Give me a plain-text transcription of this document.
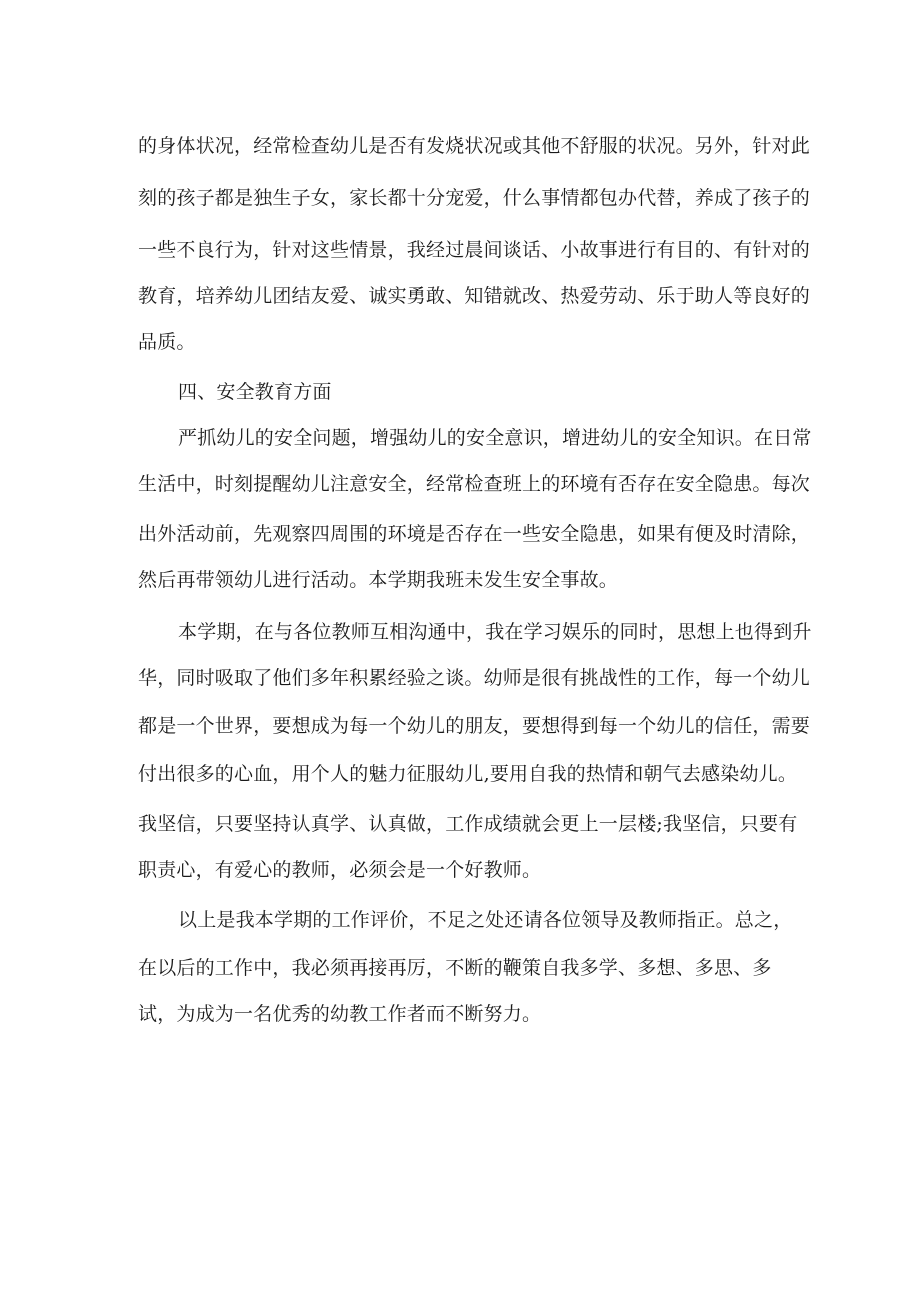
的身体状况，经常检查幼儿是否有发烧状况或其他不舒服的状况。另外，针对此
刻的孩子都是独生子女，家长都十分宠爱，什么事情都包办代替，养成了孩子的
一些不良行为，针对这些情景，我经过晨间谈话、小故事进行有目的、有针对的
教育，培养幼儿团结友爱、诚实勇敢、知错就改、热爱劳动、乐于助人等良好的
品质。
四、安全教育方面
严抓幼儿的安全问题，增强幼儿的安全意识，增进幼儿的安全知识。在日常
生活中，时刻提醒幼儿注意安全，经常检查班上的环境有否存在安全隐患。每次
出外活动前，先观察四周围的环境是否存在一些安全隐患，如果有便及时清除，
然后再带领幼儿进行活动。本学期我班未发生安全事故。
本学期，在与各位教师互相沟通中，我在学习娱乐的同时，思想上也得到升
华，同时吸取了他们多年积累经验之谈。幼师是很有挑战性的工作，每一个幼儿
都是一个世界，要想成为每一个幼儿的朋友，要想得到每一个幼儿的信任，需要
付出很多的心血，用个人的魅力征服幼儿,要用自我的热情和朝气去感染幼儿。
我坚信，只要坚持认真学、认真做，工作成绩就会更上一层楼;我坚信，只要有
职责心，有爱心的教师，必须会是一个好教师。
以上是我本学期的工作评价，不足之处还请各位领导及教师指正。总之，
在以后的工作中，我必须再接再厉，不断的鞭策自我多学、多想、多思、多
试，为成为一名优秀的幼教工作者而不断努力。
